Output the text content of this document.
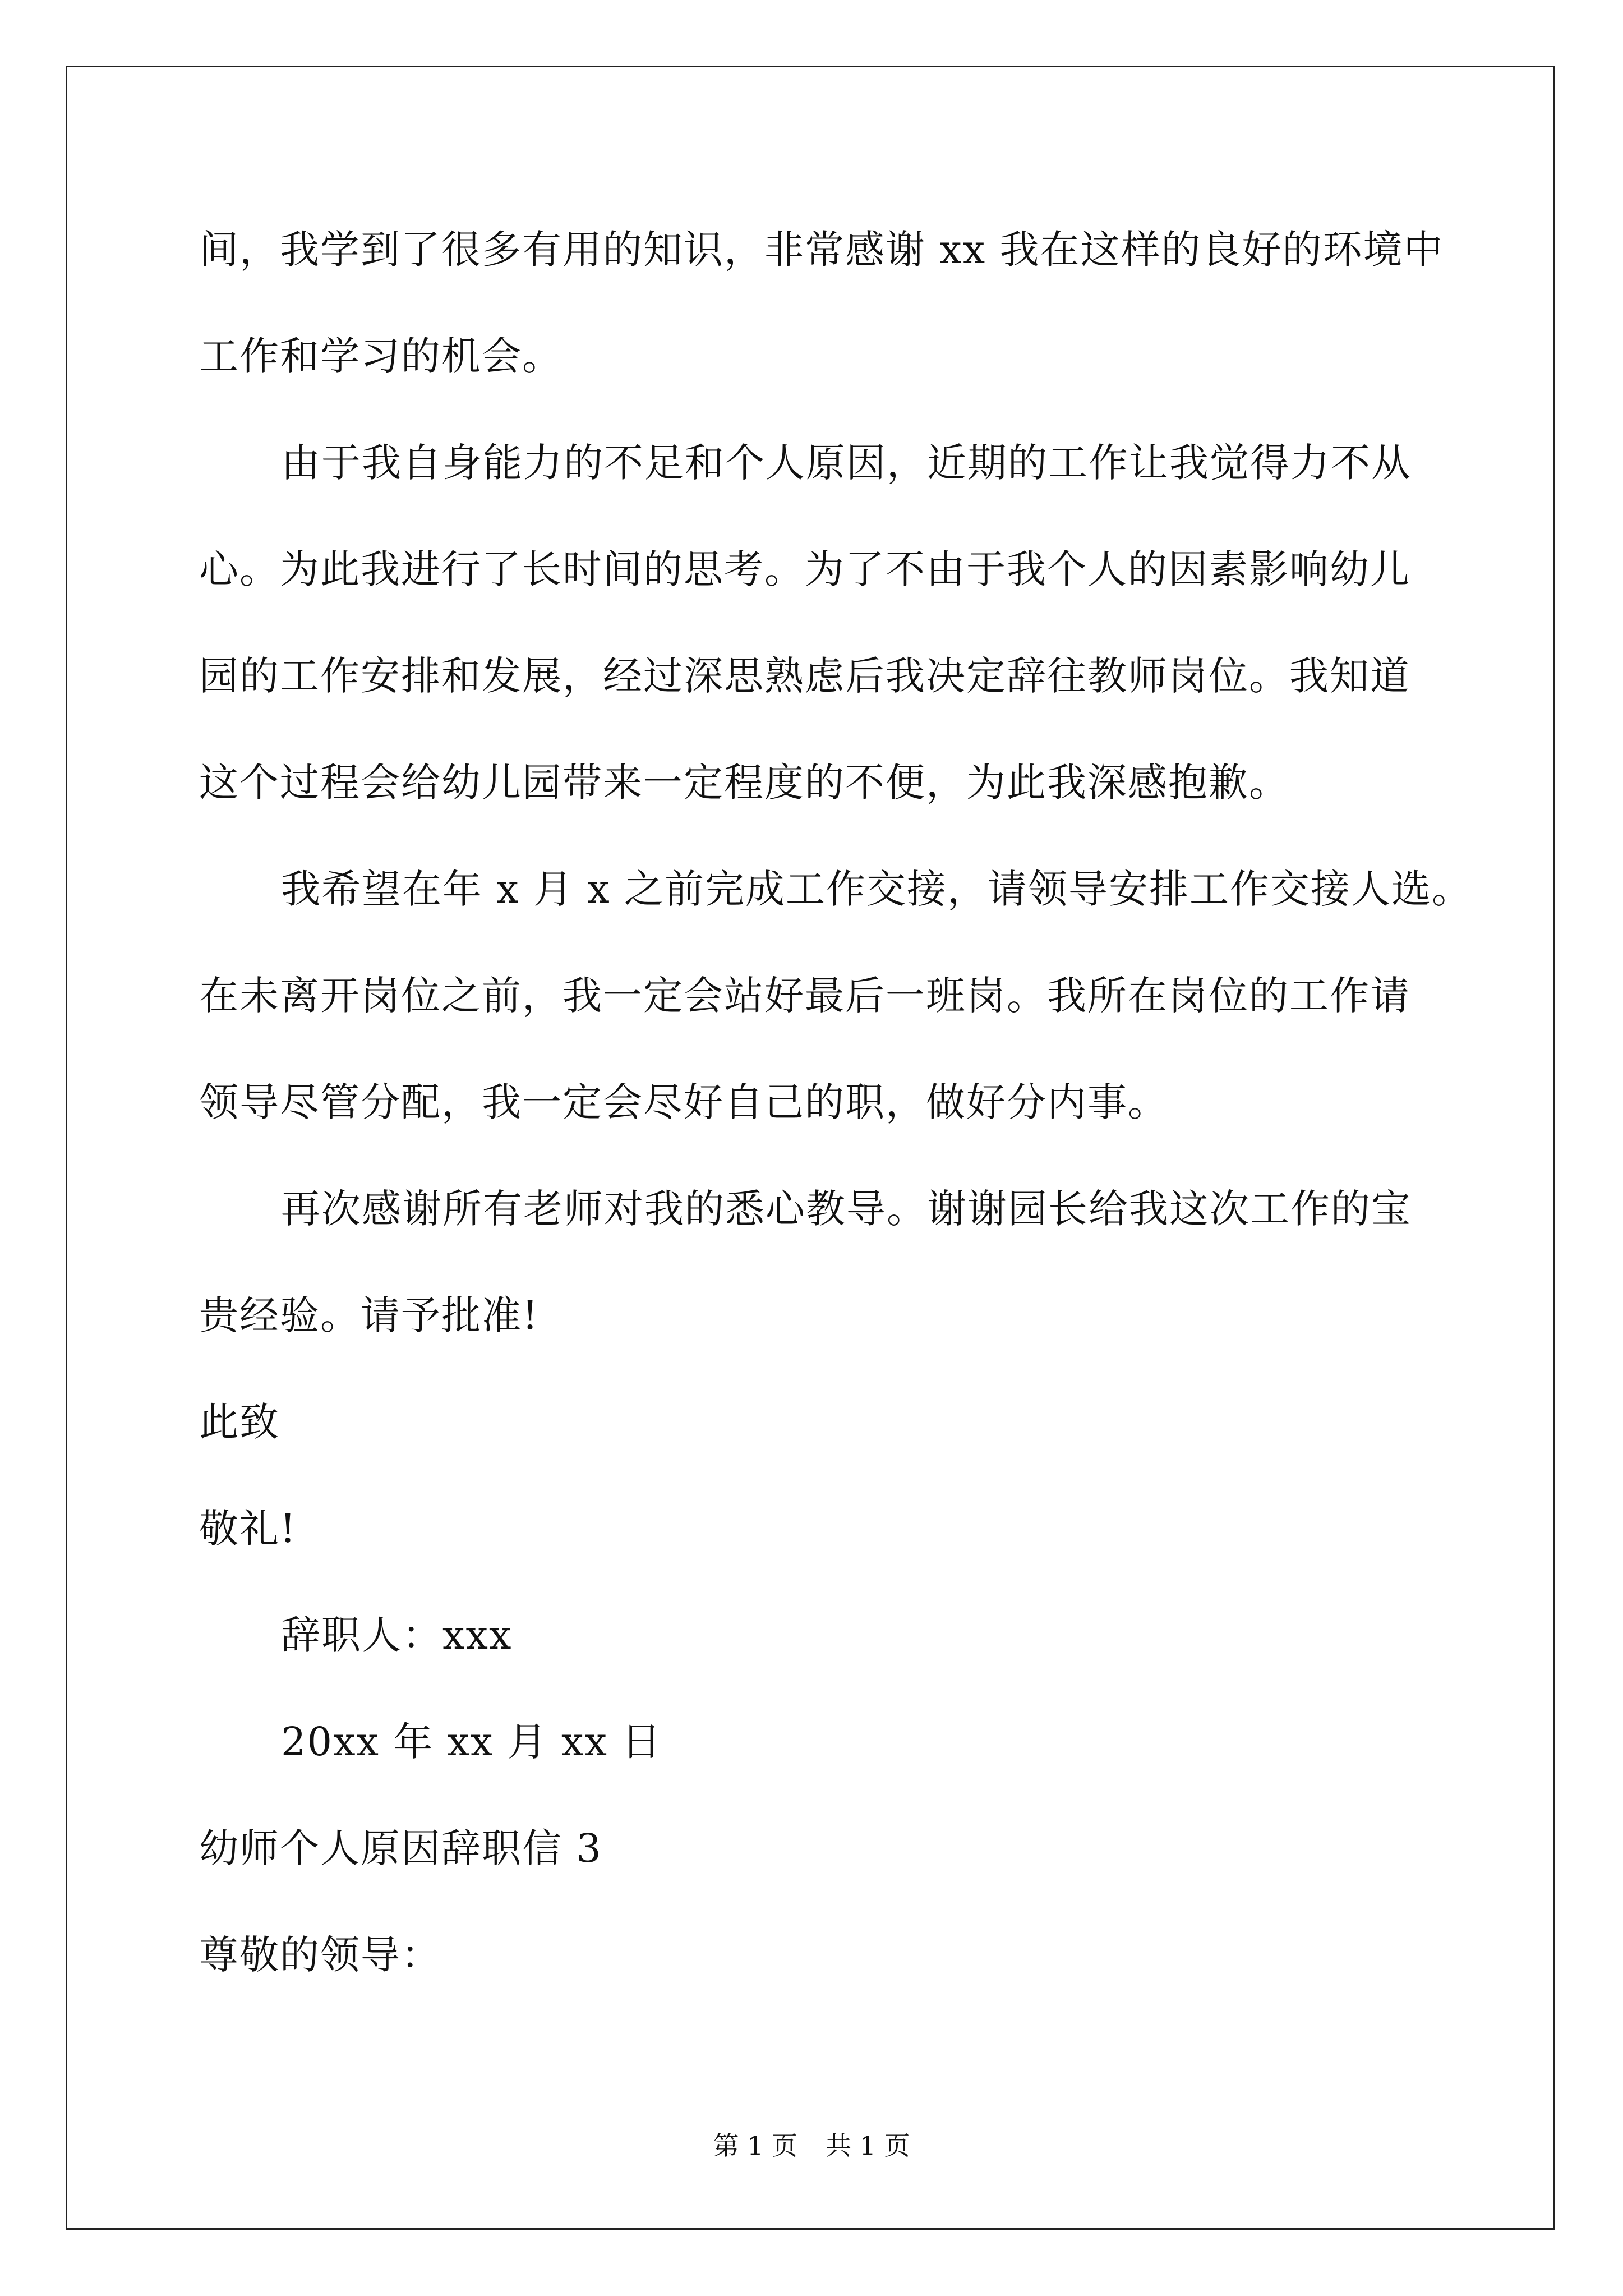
间，我学到了很多有用的知识，非常感谢 xx 我在这样的良好的环境中
工作和学习的机会。
由于我自身能力的不足和个人原因，近期的工作让我觉得力不从
心。为此我进行了长时间的思考。为了不由于我个人的因素影响幼儿
园的工作安排和发展，经过深思熟虑后我决定辞往教师岗位。我知道
这个过程会给幼儿园带来一定程度的不便，为此我深感抱歉。
我希望在年 x 月 x 之前完成工作交接，请领导安排工作交接人选。
在未离开岗位之前，我一定会站好最后一班岗。我所在岗位的工作请
领导尽管分配，我一定会尽好自己的职，做好分内事。
再次感谢所有老师对我的悉心教导。谢谢园长给我这次工作的宝
贵经验。请予批准!
此致
敬礼!
辞职人：xxx
20xx 年 xx 月 xx 日
幼师个人原因辞职信 3
尊敬的领导：
第 1 页 共 1 页
